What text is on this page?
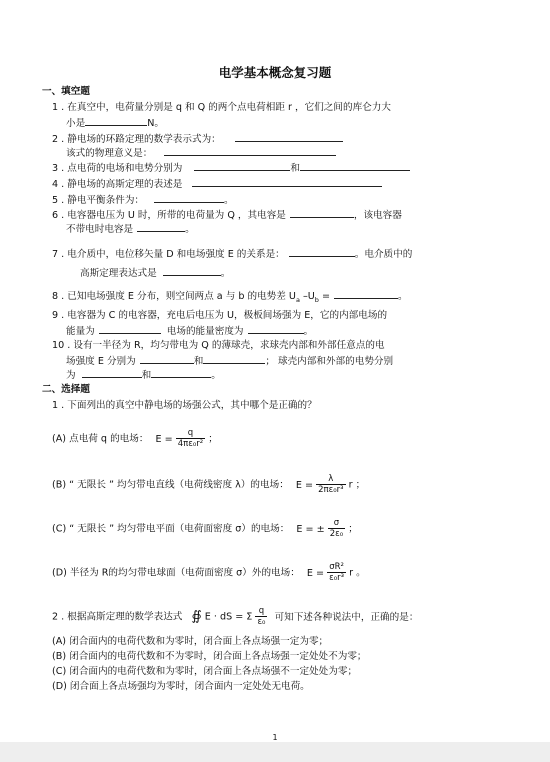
电学基本概念复习题
一、填空题
1 . 在真空中，电荷量分别是 q 和 Q 的两个点电荷相距 r ，它们之间的库仑力大
小是	N。
2 . 静电场的环路定理的数学表示式为：
该式的物理意义是：
3 . 点电荷的电场和电势分别为	和
4 . 静电场的高斯定理的表述是
5 . 静电平衡条件为：	。
6 . 电容器电压为 U 时，所带的电荷量为 Q ，其电容是	，该电容器
不带电时电容是	。
7 . 电介质中，电位移矢量 D 和电场强度 E 的关系是：	。电介质中的
高斯定理表达式是	。
8 . 已知电场强度 E 分布，则空间两点 a 与 b 的电势差 $U_a$ $-U_b$ =	。
9 . 电容器为 C 的电容器，充电后电压为 U，极板间场强为 E，它的内部电场的
能量为	电场的能量密度为	。
10 . 设有一半径为 R，均匀带电为 Q 的薄球壳，求球壳内部和外部任意点的电
场强度 E 分别为	和	； 球壳内部和外部的电势分别
为	和	。
二、选择题
1 . 下面列出的真空中静电场的场强公式，其中哪个是正确的？
(A) 点电荷 q 的电场： $E = \frac{q}{\text{4πε₀r²}}$ ；
(B) “ 无限长 ” 均匀带电直线（电荷线密度 λ）的电场： $E = \frac{\lambda}{\text{2πε₀r³}}$ r ；
(C) “ 无限长 ” 均匀带电平面（电荷面密度 σ）的电场： E = ± $\frac{\sigma}{\text{2ε₀}}$ ；
(D) 半径为 R的均匀带电球面（电荷面密度 σ）外的电场： $E = \frac{\text{σR²}}{\text{ε₀r³}}$ r 。
2 . 根据高斯定理的数学表达式 ∯ E · dS = Σ $\frac{q}{\text{ε₀}}$ 可知下述各种说法中，正确的是：
(A) 闭合面内的电荷代数和为零时，闭合面上各点场强一定为零；
(B) 闭合面内的电荷代数和不为零时，闭合面上各点场强一定处处不为零；
(C) 闭合面内的电荷代数和为零时，闭合面上各点场强不一定处处为零；
(D) 闭合面上各点场强均为零时，闭合面内一定处处无电荷。
1
